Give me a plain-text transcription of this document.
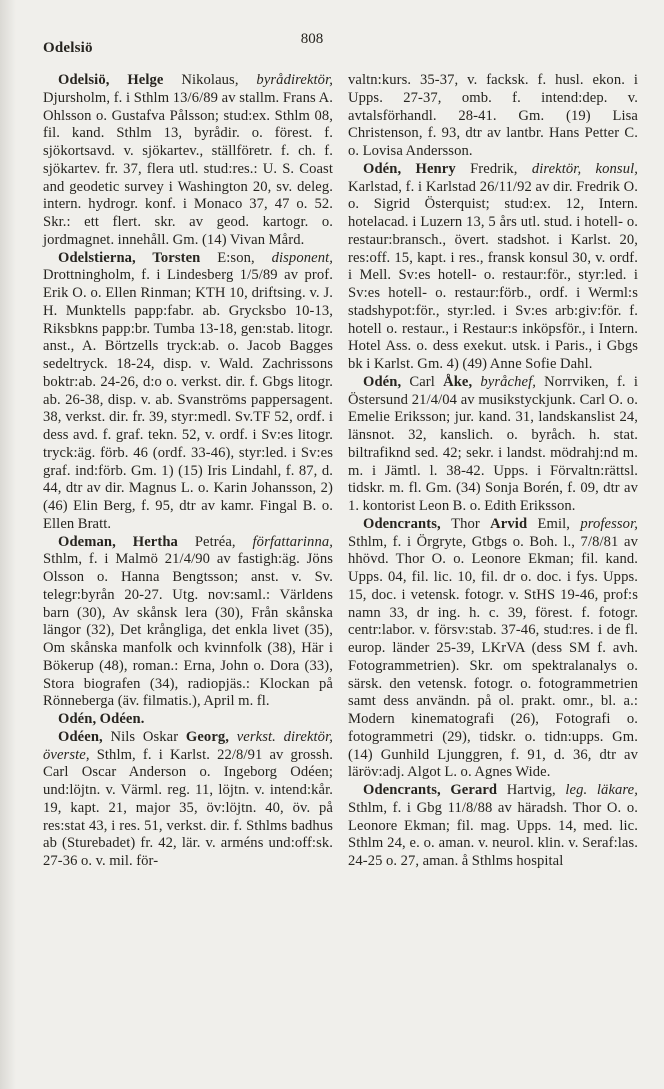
Odelsiö
808

Odelsiö, Helge Nikolaus, byrådirektör, Djursholm, f. i Sthlm 13/6/89 av stallm. Frans A. Ohlsson o. Gustafva Pålsson; stud:ex. Sthlm 08, fil. kand. Sthlm 13, byrådir. o. förest. f. sjökortsavd. v. sjökartev., ställföretr. f. ch. f. sjökartev. fr. 37, flera utl. stud:res.: U. S. Coast and geodetic survey i Washington 20, sv. deleg. intern. hydrogr. konf. i Monaco 37, 47 o. 52. Skr.: ett flert. skr. av geod. kartogr. o. jordmagnet. innehåll. Gm. (14) Vivan Mård.

Odelstierna, Torsten E:son, disponent, Drottningholm, f. i Lindesberg 1/5/89 av prof. Erik O. o. Ellen Rinman; KTH 10, driftsing. v. J. H. Munktells papp:fabr. ab. Grycksbo 10-13, Riksbkns papp:br. Tumba 13-18, gen:stab. litogr. anst., A. Börtzells tryck:ab. o. Jacob Bagges sedeltryck. 18-24, disp. v. Wald. Zachrissons boktr:ab. 24-26, d:o o. verkst. dir. f. Gbgs litogr. ab. 26-38, disp. v. ab. Svanströms pappersagent. 38, verkst. dir. fr. 39, styr:medl. Sv.TF 52, ordf. i dess avd. f. graf. tekn. 52, v. ordf. i Sv:es litogr. tryck:äg. förb. 46 (ordf. 33-46), styr:led. i Sv:es graf. ind:förb. Gm. 1) (15) Iris Lindahl, f. 87, d. 44, dtr av dir. Magnus L. o. Karin Johansson, 2) (46) Elin Berg, f. 95, dtr av kamr. Fingal B. o. Ellen Bratt.

Odeman, Hertha Petréa, författarinna, Sthlm, f. i Malmö 21/4/90 av fastigh:äg. Jöns Olsson o. Hanna Bengtsson; anst. v. Sv. telegr:byrån 20-27. Utg. nov:saml.: Världens barn (30), Av skånsk lera (30), Från skånska längor (32), Det krångliga, det enkla livet (35), Om skånska manfolk och kvinnfolk (38), Här i Bökerup (48), roman.: Erna, John o. Dora (33), Stora biografen (34), radiopjäs.: Klockan på Rönneberga (äv. filmatis.), April m. fl.

Odén, Odéen.

Odéen, Nils Oskar Georg, verkst. direktör, överste, Sthlm, f. i Karlst. 22/8/91 av grossh. Carl Oscar Anderson o. Ingeborg Odéen; und:löjtn. v. Värml. reg. 11, löjtn. v. intend:kår. 19, kapt. 21, major 35, öv:löjtn. 40, öv. på res:stat 43, i res. 51, verkst. dir. f. Sthlms badhus ab (Sturebadet) fr. 42, lär. v. arméns und:off:sk. 27-36 o. v. mil. för-

valtn:kurs. 35-37, v. facksk. f. husl. ekon. i Upps. 27-37, omb. f. intend:dep. v. avtalsförhandl. 28-41. Gm. (19) Lisa Christenson, f. 93, dtr av lantbr. Hans Petter C. o. Lovisa Andersson.

Odén, Henry Fredrik, direktör, konsul, Karlstad, f. i Karlstad 26/11/92 av dir. Fredrik O. o. Sigrid Österquist; stud:ex. 12, Intern. hotelacad. i Luzern 13, 5 års utl. stud. i hotell- o. restaur:bransch., övert. stadshot. i Karlst. 20, res:off. 15, kapt. i res., fransk konsul 30, v. ordf. i Mell. Sv:es hotell- o. restaur:för., styr:led. i Sv:es hotell- o. restaur:förb., ordf. i Werml:s stadshypot:för., styr:led. i Sv:es arb:giv:för. f. hotell o. restaur., i Restaur:s inköpsför., i Intern. Hotel Ass. o. dess exekut. utsk. i Paris., i Gbgs bk i Karlst. Gm. 4) (49) Anne Sofie Dahl.

Odén, Carl Åke, byråchef, Norrviken, f. i Östersund 21/4/04 av musikstyckjunk. Carl O. o. Emelie Eriksson; jur. kand. 31, landskanslist 24, länsnot. 32, kanslich. o. byråch. h. stat. biltrafiknd sed. 42; sekr. i landst. mödrahj:nd m. m. i Jämtl. l. 38-42. Upps. i Förvaltn:rättsl. tidskr. m. fl. Gm. (34) Sonja Borén, f. 09, dtr av 1. kontorist Leon B. o. Edith Eriksson.

Odencrants, Thor Arvid Emil, professor, Sthlm, f. i Örgryte, Gtbgs o. Boh. l., 7/8/81 av hhövd. Thor O. o. Leonore Ekman; fil. kand. Upps. 04, fil. lic. 10, fil. dr o. doc. i fys. Upps. 15, doc. i vetensk. fotogr. v. StHS 19-46, prof:s namn 33, dr ing. h. c. 39, förest. f. fotogr. centr:labor. v. försv:stab. 37-46, stud:res. i de fl. europ. länder 25-39, LKrVA (dess SM f. avh. Fotogrammetrien). Skr. om spektralanalys o. särsk. den vetensk. fotogr. o. fotogrammetrien samt dess användn. på ol. prakt. omr., bl. a.: Modern kinematografi (26), Fotografi o. fotogrammetri (29), tidskr. o. tidn:upps. Gm. (14) Gunhild Ljunggren, f. 91, d. 36, dtr av läröv:adj. Algot L. o. Agnes Wide.

Odencrants, Gerard Hartvig, leg. läkare, Sthlm, f. i Gbg 11/8/88 av häradsh. Thor O. o. Leonore Ekman; fil. mag. Upps. 14, med. lic. Sthlm 24, e. o. aman. v. neurol. klin. v. Seraf:las. 24-25 o. 27, aman. å Sthlms hospital
